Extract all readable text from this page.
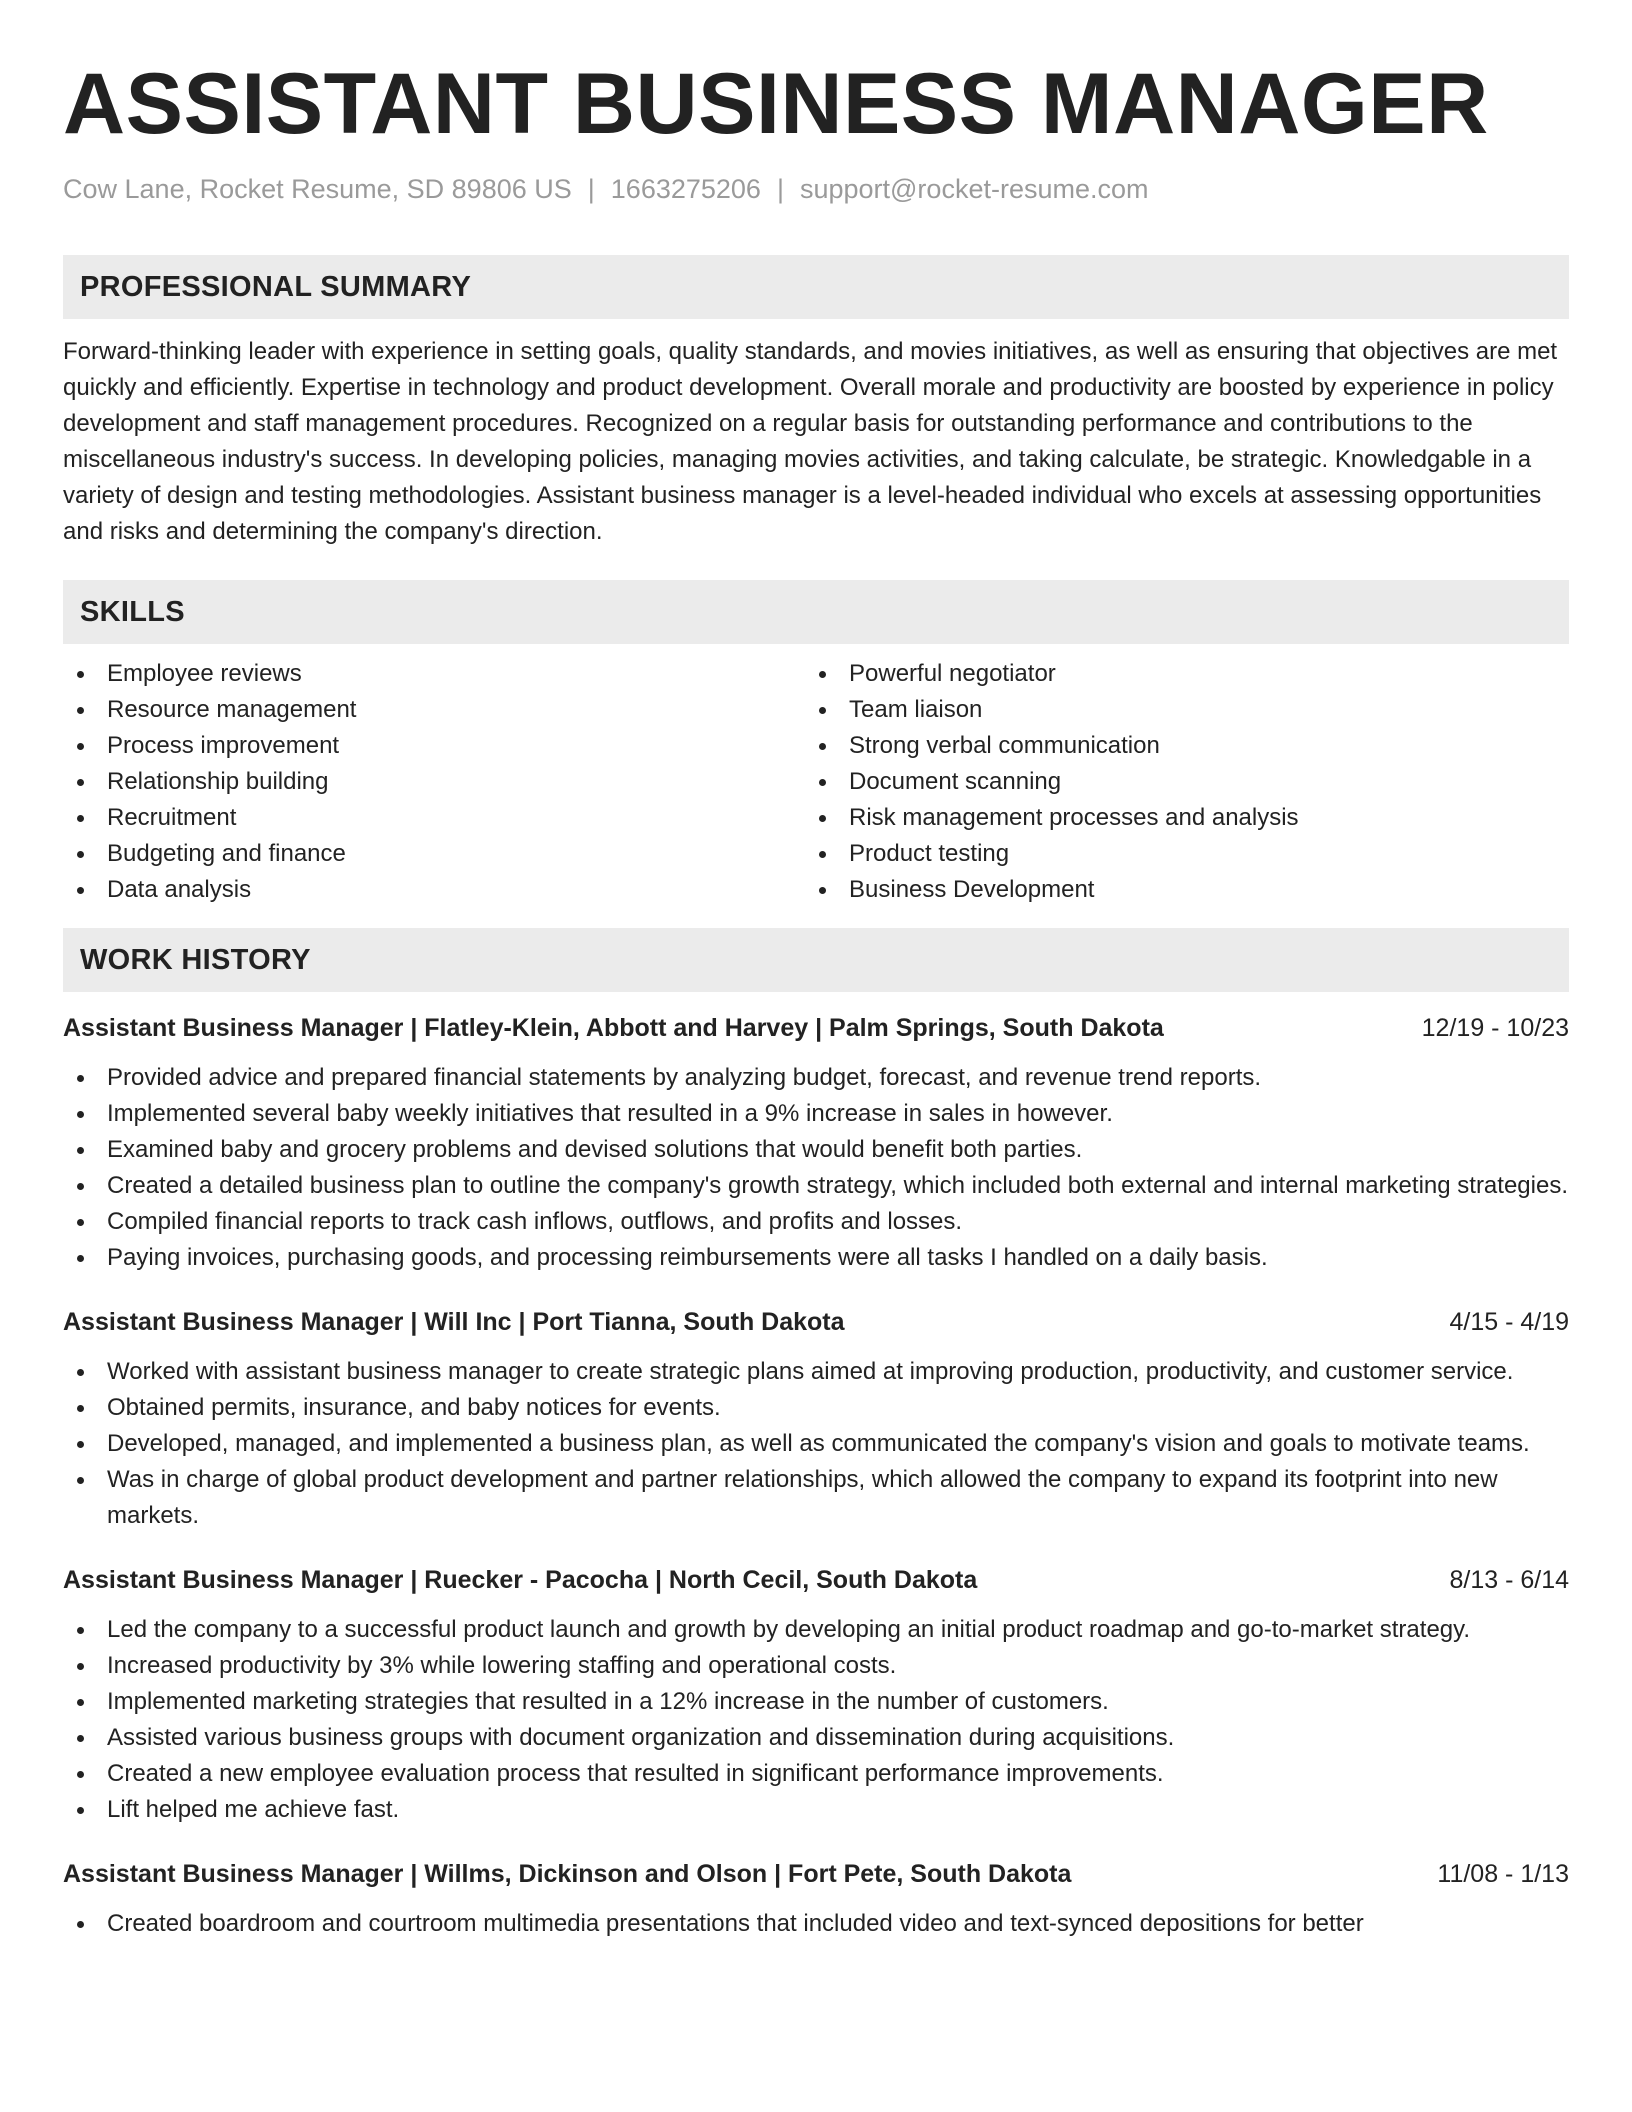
ASSISTANT BUSINESS MANAGER
Cow Lane, Rocket Resume, SD 89806 US | 1663275206 | support@rocket-resume.com
PROFESSIONAL SUMMARY

Forward-thinking leader with experience in setting goals, quality standards, and movies initiatives, as well as ensuring that objectives are met quickly and efficiently. Expertise in technology and product development. Overall morale and productivity are boosted by experience in policy development and staff management procedures. Recognized on a regular basis for outstanding performance and contributions to the miscellaneous industry's success. In developing policies, managing movies activities, and taking calculate, be strategic. Knowledgable in a variety of design and testing methodologies. Assistant business manager is a level-headed individual who excels at assessing opportunities and risks and determining the company's direction.

SKILLS
Employee reviews
Resource management
Process improvement
Relationship building
Recruitment
Budgeting and finance
Data analysis
Powerful negotiator
Team liaison
Strong verbal communication
Document scanning
Risk management processes and analysis
Product testing
Business Development
WORK HISTORY
Assistant Business Manager | Flatley-Klein, Abbott and Harvey | Palm Springs, South Dakota	12/19 - 10/23
Provided advice and prepared financial statements by analyzing budget, forecast, and revenue trend reports.
Implemented several baby weekly initiatives that resulted in a 9% increase in sales in however.
Examined baby and grocery problems and devised solutions that would benefit both parties.
Created a detailed business plan to outline the company's growth strategy, which included both external and internal marketing strategies.
Compiled financial reports to track cash inflows, outflows, and profits and losses.
Paying invoices, purchasing goods, and processing reimbursements were all tasks I handled on a daily basis.
Assistant Business Manager | Will Inc | Port Tianna, South Dakota	4/15 - 4/19
Worked with assistant business manager to create strategic plans aimed at improving production, productivity, and customer service.
Obtained permits, insurance, and baby notices for events.
Developed, managed, and implemented a business plan, as well as communicated the company's vision and goals to motivate teams.
Was in charge of global product development and partner relationships, which allowed the company to expand its footprint into new markets.
Assistant Business Manager | Ruecker - Pacocha | North Cecil, South Dakota	8/13 - 6/14
Led the company to a successful product launch and growth by developing an initial product roadmap and go-to-market strategy.
Increased productivity by 3% while lowering staffing and operational costs.
Implemented marketing strategies that resulted in a 12% increase in the number of customers.
Assisted various business groups with document organization and dissemination during acquisitions.
Created a new employee evaluation process that resulted in significant performance improvements.
Lift helped me achieve fast.
Assistant Business Manager | Willms, Dickinson and Olson | Fort Pete, South Dakota	11/08 - 1/13
Created boardroom and courtroom multimedia presentations that included video and text-synced depositions for better
